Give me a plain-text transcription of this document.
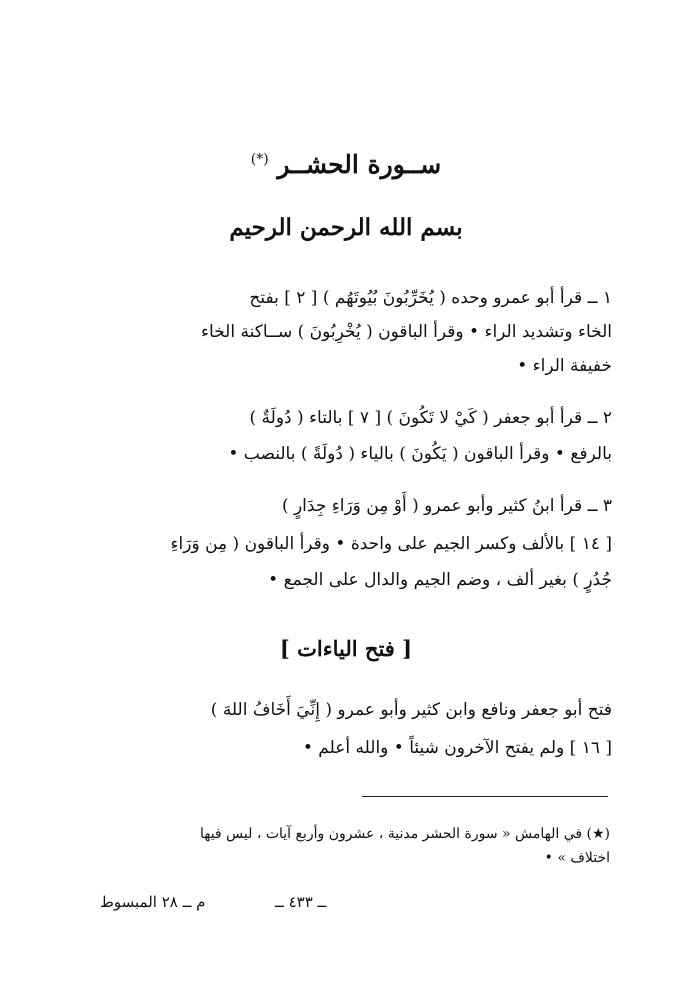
ســورة الحشــر (*)
بسم الله الرحمن الرحيم
١ ــ قرأ أبو عمرو وحده ( يُخَرِّبُونَ بُيُوتَهُم ) [ ٢ ] بفتح
الخاء وتشديد الراء • وقرأ الباقون ( يُخْرِبُونَ ) ســاكنة الخاء
خفيفة الراء •
٢ ــ قرأ أبو جعفر ( كَيْ لا تَكُونَ ) [ ٧ ] بالتاء ( دُولَةٌ )
بالرفع • وقرأ الباقون ( يَكُونَ ) بالياء ( دُولَةً ) بالنصب •
٣ ــ قرأ ابنُ كثير وأبو عمرو ( أَوْ مِن وَرَاءِ جِدَارٍ )
[ ١٤ ] بالألف وكسر الجيم على واحدة • وقرأ الباقون ( مِن وَرَاءِ
جُدُرٍ ) بغير ألف ، وضم الجيم والدال على الجمع •
[ فتح الياءات ]
فتح أبو جعفر ونافع وابن كثير وأبو عمرو ( إِنِّيَ أَخَافُ اللهَ )
[ ١٦ ] ولم يفتح الآخرون شيئاً • والله أعلم •
(★) في الهامش « سورة الحشر مدنية ، عشرون وأربع آيات ، ليس فيها
اختلاف » •
ــ ٤٣٣ ــ  م ــ ٢٨ المبسوط
